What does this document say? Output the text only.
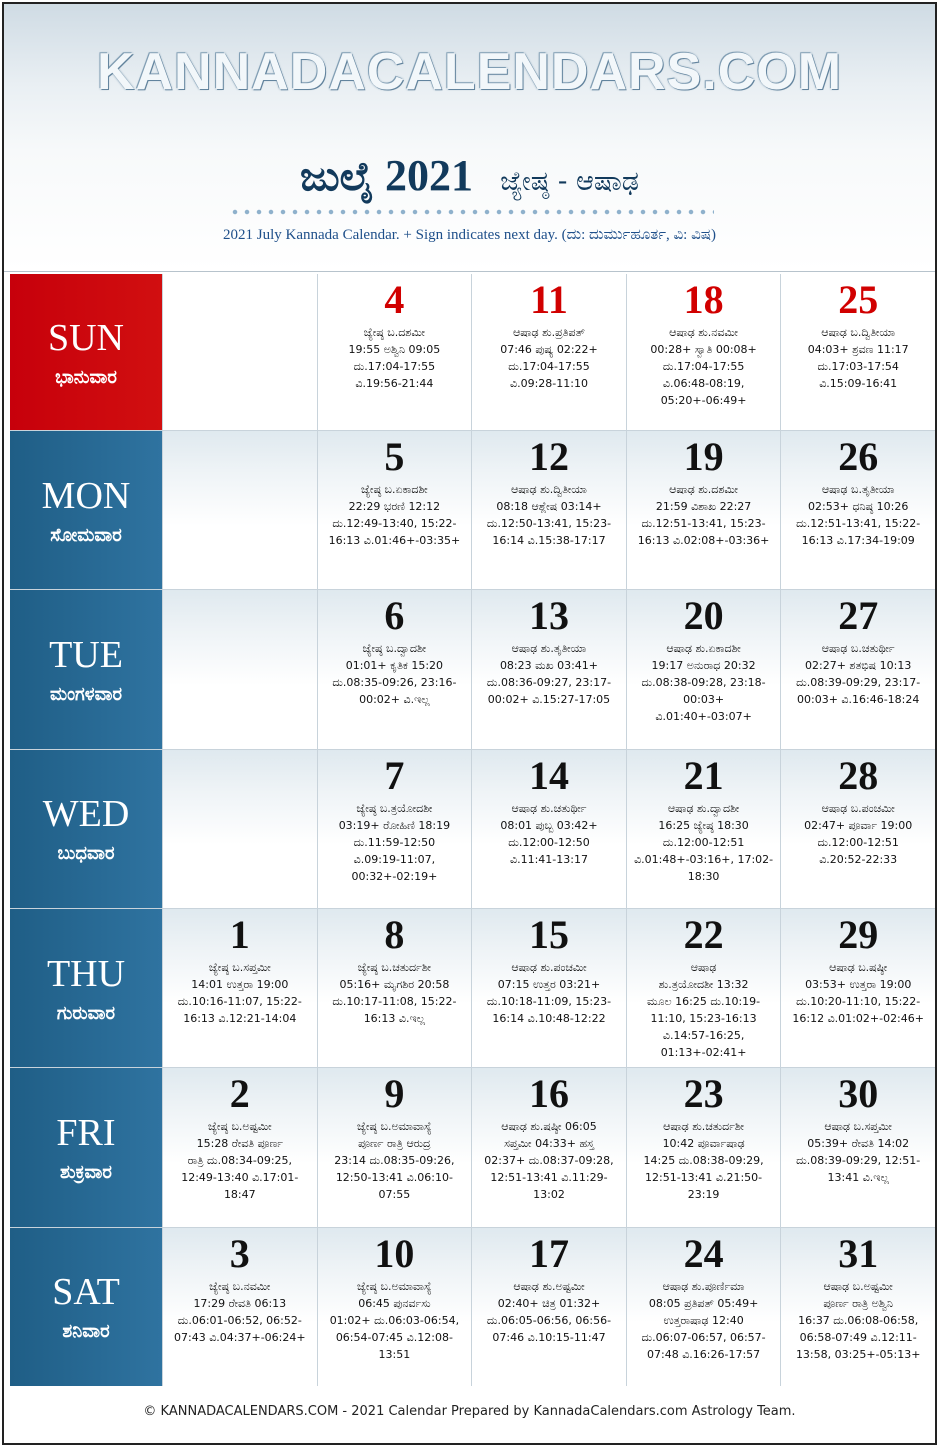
KANNADACALENDARS.COM
ಜುಲೈ 2021 ಜ್ಯೇಷ್ಠ - ಆಷಾಢ
2021 July Kannada Calendar. + Sign indicates next day. (ದು: ದುರ್ಮುಹೂರ್ತ, ವಿ: ವಿಷ)
SUN
ಭಾನುವಾರ
4
ಜ್ಯೇಷ್ಠ ಬ.ದಶಮೀ
19:55 ಅಶ್ವಿನಿ 09:05
ದು.17:04-17:55
ವಿ.19:56-21:44
11
ಆಷಾಢ ಶು.ಪ್ರತಿಪತ್
07:46 ಪುಷ್ಯ 02:22+
ದು.17:04-17:55
ವಿ.09:28-11:10
18
ಆಷಾಢ ಶು.ನವಮೀ
00:28+ ಸ್ವಾತಿ 00:08+
ದು.17:04-17:55
ವಿ.06:48-08:19,
05:20+-06:49+
25
ಆಷಾಢ ಬ.ದ್ವಿತೀಯಾ
04:03+ ಶ್ರವಣ 11:17
ದು.17:03-17:54
ವಿ.15:09-16:41
MON
ಸೋಮವಾರ
5
ಜ್ಯೇಷ್ಠ ಬ.ಏಕಾದಶೀ
22:29 ಭರಣಿ 12:12
ದು.12:49-13:40, 15:22-
16:13 ವಿ.01:46+-03:35+
12
ಆಷಾಢ ಶು.ದ್ವಿತೀಯಾ
08:18 ಆಶ್ಲೇಷ 03:14+
ದು.12:50-13:41, 15:23-
16:14 ವಿ.15:38-17:17
19
ಆಷಾಢ ಶು.ದಶಮೀ
21:59 ವಿಶಾಖ 22:27
ದು.12:51-13:41, 15:23-
16:13 ವಿ.02:08+-03:36+
26
ಆಷಾಢ ಬ.ತೃತೀಯಾ
02:53+ ಧನಿಷ್ಠ 10:26
ದು.12:51-13:41, 15:22-
16:13 ವಿ.17:34-19:09
TUE
ಮಂಗಳವಾರ
6
ಜ್ಯೇಷ್ಠ ಬ.ದ್ವಾದಶೀ
01:01+ ಕೃತಿಕ 15:20
ದು.08:35-09:26, 23:16-
00:02+ ವಿ.ಇಲ್ಲ
13
ಆಷಾಢ ಶು.ತೃತೀಯಾ
08:23 ಮಖ 03:41+
ದು.08:36-09:27, 23:17-
00:02+ ವಿ.15:27-17:05
20
ಆಷಾಢ ಶು.ಏಕಾದಶೀ
19:17 ಅನುರಾಧ 20:32
ದು.08:38-09:28, 23:18-
00:03+
ವಿ.01:40+-03:07+
27
ಆಷಾಢ ಬ.ಚತುರ್ಥೀ
02:27+ ಶತಭಿಷ 10:13
ದು.08:39-09:29, 23:17-
00:03+ ವಿ.16:46-18:24
WED
ಬುಧವಾರ
7
ಜ್ಯೇಷ್ಠ ಬ.ತ್ರಯೋದಶೀ
03:19+ ರೋಹಿಣಿ 18:19
ದು.11:59-12:50
ವಿ.09:19-11:07,
00:32+-02:19+
14
ಆಷಾಢ ಶು.ಚತುರ್ಥೀ
08:01 ಪುಬ್ಬ 03:42+
ದು.12:00-12:50
ವಿ.11:41-13:17
21
ಆಷಾಢ ಶು.ದ್ವಾದಶೀ
16:25 ಜ್ಯೇಷ್ಠ 18:30
ದು.12:00-12:51
ವಿ.01:48+-03:16+, 17:02-
18:30
28
ಆಷಾಢ ಬ.ಪಂಚಮೀ
02:47+ ಪೂರ್ವಾ 19:00
ದು.12:00-12:51
ವಿ.20:52-22:33
THU
ಗುರುವಾರ
1
ಜ್ಯೇಷ್ಠ ಬ.ಸಪ್ತಮೀ
14:01 ಉತ್ತರಾ 19:00
ದು.10:16-11:07, 15:22-
16:13 ವಿ.12:21-14:04
8
ಜ್ಯೇಷ್ಠ ಬ.ಚತುರ್ದಶೀ
05:16+ ಮೃಗಶಿರ 20:58
ದು.10:17-11:08, 15:22-
16:13 ವಿ.ಇಲ್ಲ
15
ಆಷಾಢ ಶು.ಪಂಚಮೀ
07:15 ಉತ್ತರ 03:21+
ದು.10:18-11:09, 15:23-
16:14 ವಿ.10:48-12:22
22
ಆಷಾಢ
ಶು.ತ್ರಯೋದಶೀ 13:32
ಮೂಲ 16:25 ದು.10:19-
11:10, 15:23-16:13
ವಿ.14:57-16:25,
01:13+-02:41+
29
ಆಷಾಢ ಬ.ಷಷ್ಠೀ
03:53+ ಉತ್ತರಾ 19:00
ದು.10:20-11:10, 15:22-
16:12 ವಿ.01:02+-02:46+
FRI
ಶುಕ್ರವಾರ
2
ಜ್ಯೇಷ್ಠ ಬ.ಅಷ್ಟಮೀ
15:28 ರೇವತಿ ಪೂರ್ಣ
ರಾತ್ರಿ ದು.08:34-09:25,
12:49-13:40 ವಿ.17:01-
18:47
9
ಜ್ಯೇಷ್ಠ ಬ.ಅಮಾವಾಸ್ಯೆ
ಪೂರ್ಣ ರಾತ್ರಿ ಆರುದ್ರ
23:14 ದು.08:35-09:26,
12:50-13:41 ವಿ.06:10-
07:55
16
ಆಷಾಢ ಶು.ಷಷ್ಠೀ 06:05
ಸಪ್ತಮೀ 04:33+ ಹಸ್ತ
02:37+ ದು.08:37-09:28,
12:51-13:41 ವಿ.11:29-
13:02
23
ಆಷಾಢ ಶು.ಚತುರ್ದಶೀ
10:42 ಪೂರ್ವಾಷಾಢ
14:25 ದು.08:38-09:29,
12:51-13:41 ವಿ.21:50-
23:19
30
ಆಷಾಢ ಬ.ಸಪ್ತಮೀ
05:39+ ರೇವತಿ 14:02
ದು.08:39-09:29, 12:51-
13:41 ವಿ.ಇಲ್ಲ
SAT
ಶನಿವಾರ
3
ಜ್ಯೇಷ್ಠ ಬ.ನವಮೀ
17:29 ರೇವತಿ 06:13
ದು.06:01-06:52, 06:52-
07:43 ವಿ.04:37+-06:24+
10
ಜ್ಯೇಷ್ಠ ಬ.ಅಮಾವಾಸ್ಯೆ
06:45 ಪುನರ್ವಸು
01:02+ ದು.06:03-06:54,
06:54-07:45 ವಿ.12:08-
13:51
17
ಆಷಾಢ ಶು.ಅಷ್ಟಮೀ
02:40+ ಚಿತ್ರ 01:32+
ದು.06:05-06:56, 06:56-
07:46 ವಿ.10:15-11:47
24
ಆಷಾಢ ಶು.ಪೂರ್ಣಿಮಾ
08:05 ಪ್ರತಿಪತ್ 05:49+
ಉತ್ತರಾಷಾಢ 12:40
ದು.06:07-06:57, 06:57-
07:48 ವಿ.16:26-17:57
31
ಆಷಾಢ ಬ.ಅಷ್ಟಮೀ
ಪೂರ್ಣ ರಾತ್ರಿ ಅಶ್ವಿನಿ
16:37 ದು.06:08-06:58,
06:58-07:49 ವಿ.12:11-
13:58, 03:25+-05:13+
© KANNADACALENDARS.COM - 2021 Calendar Prepared by KannadaCalendars.com Astrology Team.
